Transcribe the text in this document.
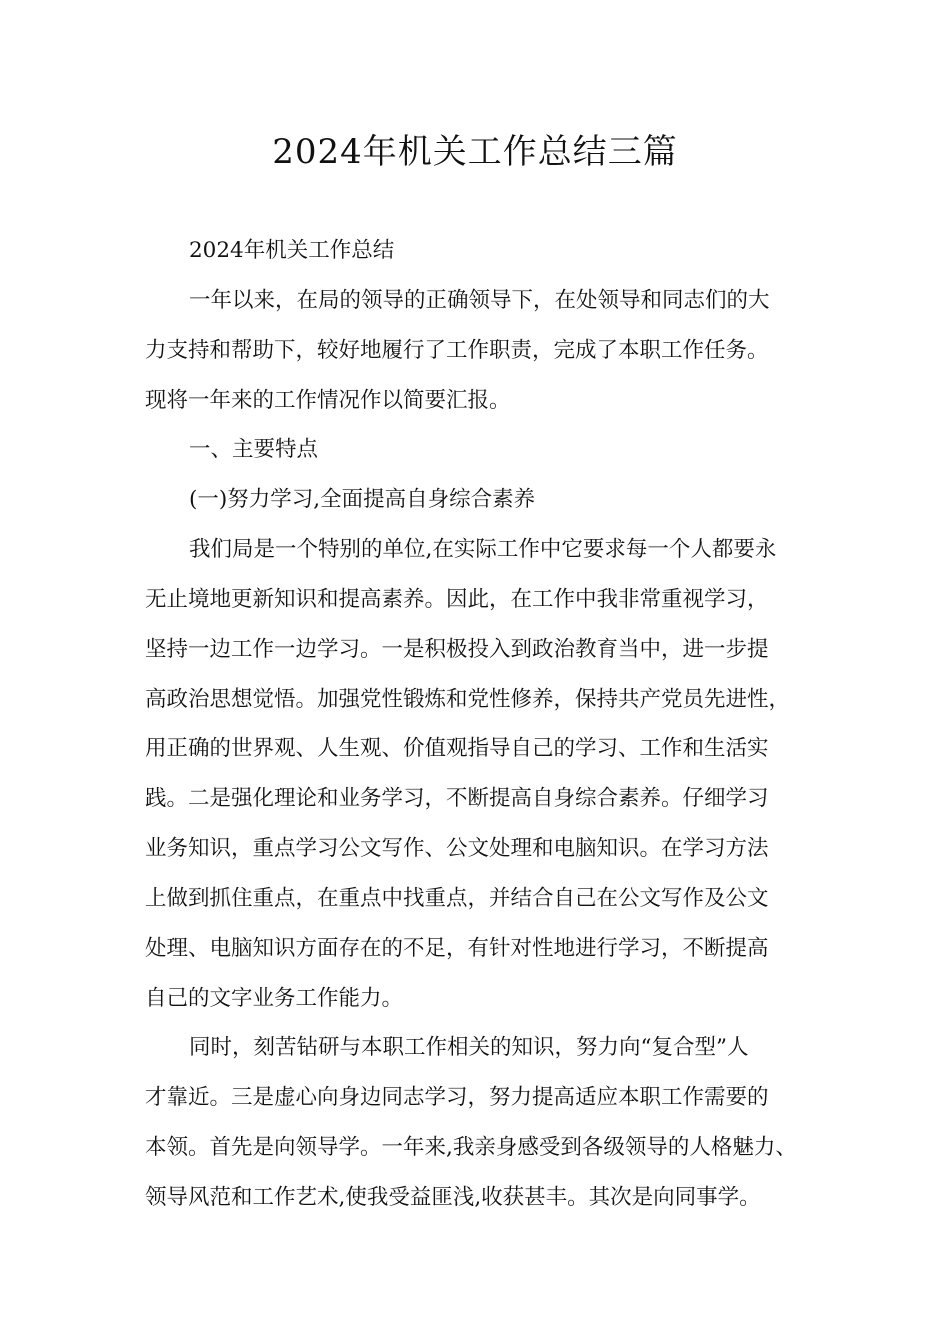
2024年机关工作总结三篇

2024年机关工作总结

一年以来，在局的领导的正确领导下，在处领导和同志们的大

力支持和帮助下，较好地履行了工作职责，完成了本职工作任务。

现将一年来的工作情况作以简要汇报。

一、主要特点

(一)努力学习,全面提高自身综合素养

我们局是一个特别的单位,在实际工作中它要求每一个人都要永

无止境地更新知识和提高素养。因此，在工作中我非常重视学习，

坚持一边工作一边学习。一是积极投入到政治教育当中，进一步提

高政治思想觉悟。加强党性锻炼和党性修养，保持共产党员先进性，

用正确的世界观、人生观、价值观指导自己的学习、工作和生活实

践。二是强化理论和业务学习，不断提高自身综合素养。仔细学习

业务知识，重点学习公文写作、公文处理和电脑知识。在学习方法

上做到抓住重点，在重点中找重点，并结合自己在公文写作及公文

处理、电脑知识方面存在的不足，有针对性地进行学习，不断提高

自己的文字业务工作能力。

同时，刻苦钻研与本职工作相关的知识，努力向“复合型”人

才靠近。三是虚心向身边同志学习，努力提高适应本职工作需要的

本领。首先是向领导学。一年来,我亲身感受到各级领导的人格魅力、

领导风范和工作艺术,使我受益匪浅,收获甚丰。其次是向同事学。
